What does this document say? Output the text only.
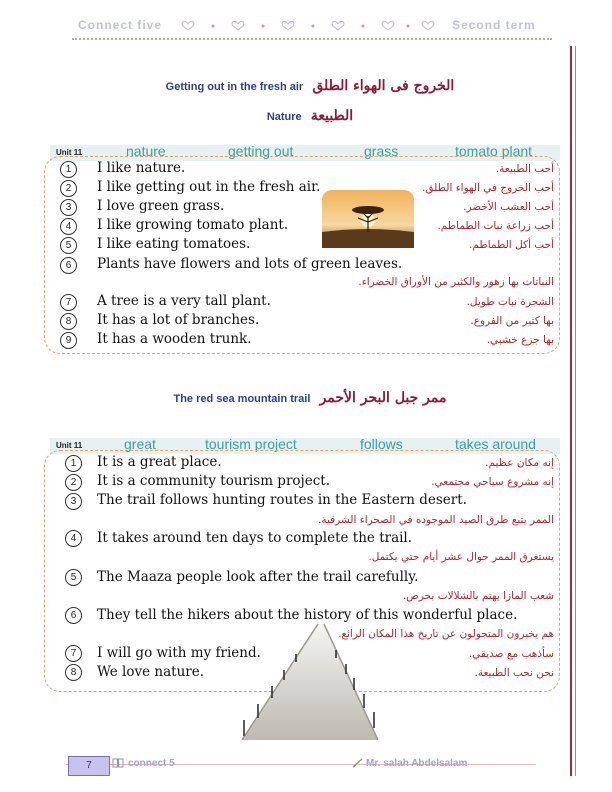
Connect five	Second term
Getting out in the fresh air الخروج فى الهواء الطلق
Nature الطبيعة
Unit 11	nature	getting out	grass	tomato plant
1	I like nature.	أحب الطبيعة.
2	I like getting out in the fresh air.	أحب الخروج في الهواء الطلق.
3	I love green grass.	أحب العشب الأخضر.
4	I like growing tomato plant.	أحب زراعة نبات الطماطم.
5	I like eating tomatoes.	أحب أكل الطماطم.
6	Plants have flowers and lots of green leaves.
النباتات بها زهور والكثير من الأوراق الخضراء.
7	A tree is a very tall plant.	الشجرة نبات طويل.
8	It has a lot of branches.	بها كثير من الفروع.
9	It has a wooden trunk.	بها جزع خشبي.
The red sea mountain trail ممر جبل البحر الأحمر
Unit 11	great	tourism project	follows	takes around
1	It is a great place.	إنه مكان عظيم.
2	It is a community tourism project.	إنه مشروع سياحي مجتمعي.
3	The trail follows hunting routes in the Eastern desert.
الممر يتبع طرق الصيد الموجوده في الصحراء الشرقية.
4	It takes around ten days to complete the trail.
يستغرق الممر حوال عشر أيام حتي يكتمل.
5	The Maaza people look after the trail carefully.
شعب المازا يهتم بالشلالات بحرص.
6	They tell the hikers about the history of this wonderful place.
هم يخبرون المتجولون عن تاريخ هذا المكان الرائع.
7	I will go with my friend.	سأذهب مع صديقي.
8	We love nature.	نحن نحب الطبيعة.
7	connect 5	Mr. salah Abdelsalam
